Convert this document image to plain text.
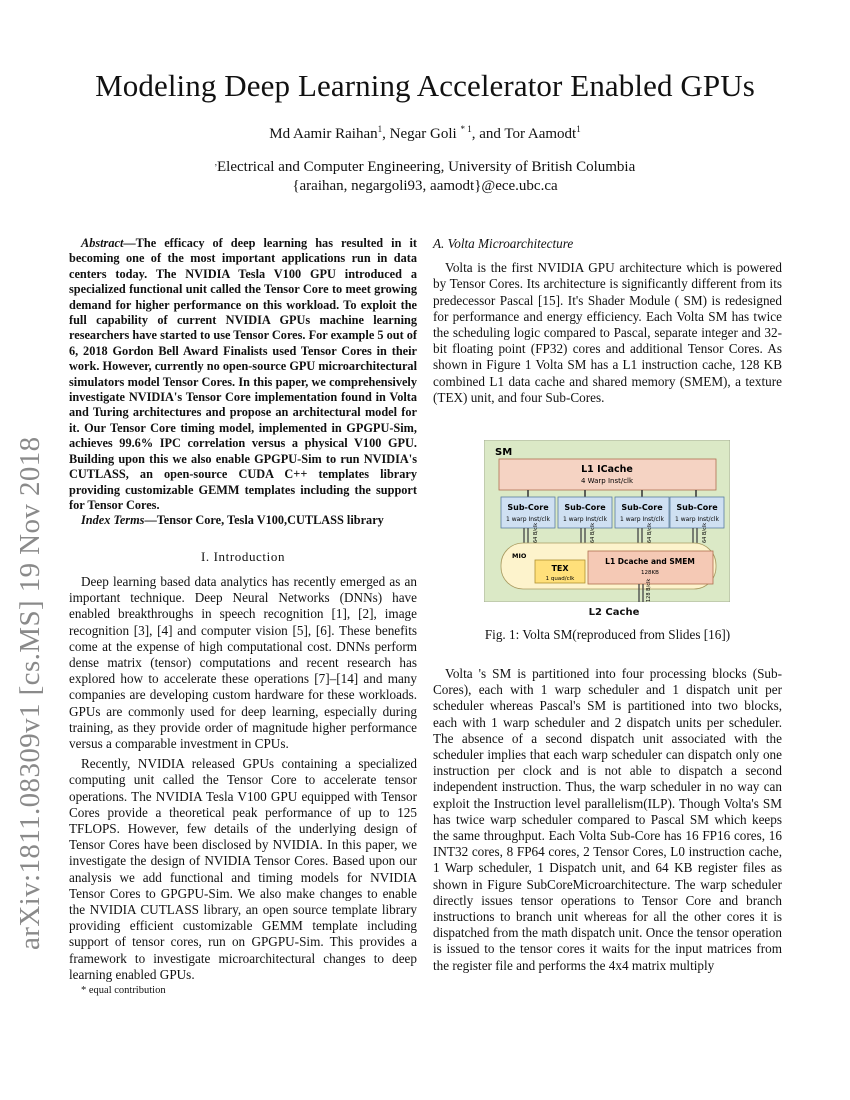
arXiv:1811.08309v1 [cs.MS] 19 Nov 2018
Modeling Deep Learning Accelerator Enabled GPUs
Md Aamir Raihan$^1$, Negar Goli $^{* 1}$, and Tor Aamodt$^1$
,Electrical and Computer Engineering, University of British Columbia
{araihan, negargoli93, aamodt}@ece.ubc.ca

Abstract—The efficacy of deep learning has resulted in it becoming one of the most important applications run in data centers today. The NVIDIA Tesla V100 GPU introduced a specialized functional unit called the Tensor Core to meet growing demand for higher performance on this workload. To exploit the full capability of current NVIDIA GPUs machine learning researchers have started to use Tensor Cores. For example 5 out of 6, 2018 Gordon Bell Award Finalists used Tensor Cores in their work. However, currently no open-source GPU microarchitectural simulators model Tensor Cores. In this paper, we comprehensively investigate NVIDIA's Tensor Core implementation found in Volta and Turing architectures and propose an architectural model for it. Our Tensor Core timing model, implemented in GPGPU-Sim, achieves 99.6% IPC correlation versus a physical V100 GPU. Building upon this we also enable GPGPU-Sim to run NVIDIA's CUTLASS, an open-source CUDA C++ templates library providing customizable GEMM templates including the support for Tensor Cores.

Index Terms—Tensor Core, Tesla V100,CUTLASS library

I. Introduction

Deep learning based data analytics has recently emerged as an important technique. Deep Neural Networks (DNNs) have enabled breakthroughs in speech recognition [1], [2], image recognition [3], [4] and computer vision [5], [6]. These benefits come at the expense of high computational cost. DNNs perform dense matrix (tensor) computations and recent research has explored how to accelerate these operations [7]–[14] and many companies are developing custom hardware for these workloads. GPUs are commonly used for deep learning, especially during training, as they provide order of magnitude higher performance versus a comparable investment in CPUs.

Recently, NVIDIA released GPUs containing a specialized computing unit called the Tensor Core to accelerate tensor operations. The NVIDIA Tesla V100 GPU equipped with Tensor Cores provide a theoretical peak performance of up to 125 TFLOPS. However, few details of the underlying design of Tensor Cores have been disclosed by NVIDIA. In this paper, we investigate the design of NVIDIA Tensor Cores. Based upon our analysis we add functional and timing models for NVIDIA Tensor Cores to GPGPU-Sim. We also make changes to enable the NVIDIA CUTLASS library, an open source template library providing efficient customizable GEMM template including support of tensor cores, run on GPGPU-Sim. This provides a framework to investigate microarchitectural changes to deep learning enabled GPUs.

* equal contribution
A. Volta Microarchitecture

Volta is the first NVIDIA GPU architecture which is powered by Tensor Cores. Its architecture is significantly different from its predecessor Pascal [15]. It's Shader Module ( SM) is redesigned for performance and energy efficiency. Each Volta SM has twice the scheduling logic compared to Pascal, separate integer and 32-bit floating point (FP32) cores and additional Tensor Cores. As shown in Figure 1 Volta SM has a L1 instruction cache, 128 KB combined L1 data cache and shared memory (SMEM), a texture (TEX) unit, and four Sub-Cores.

SM
L1 ICache
4 Warp Inst/clk
Sub-Core
1 warp Inst/clk
Sub-Core
1 warp Inst/clk
Sub-Core
1 warp Inst/clk
Sub-Core
1 warp Inst/clk
64 B/clk	64 B/clk	64 B/clk	64 B/clk
MIO
TEX
1 quad/clk
L1 Dcache and SMEM
128KB
128 B/clk
L2 Cache
Fig. 1: Volta SM(reproduced from Slides [16])

Volta 's SM is partitioned into four processing blocks (Sub-Cores), each with 1 warp scheduler and 1 dispatch unit per scheduler whereas Pascal's SM is partitioned into two blocks, each with 1 warp scheduler and 2 dispatch units per scheduler. The absence of a second dispatch unit associated with the scheduler implies that each warp scheduler can dispatch only one instruction per clock and is not able to dispatch a second independent instruction. Thus, the warp scheduler in no way can exploit the Instruction level parallelism(ILP). Though Volta's SM has twice warp scheduler compared to Pascal SM which keeps the same throughput. Each Volta Sub-Core has 16 FP16 cores, 16 INT32 cores, 8 FP64 cores, 2 Tensor Cores, L0 instruction cache, 1 Warp scheduler, 1 Dispatch unit, and 64 KB register files as shown in Figure SubCoreMicroarchitecture. The warp scheduler directly issues tensor operations to Tensor Core and branch instructions to branch unit whereas for all the other cores it is dispatched from the math dispatch unit. Once the tensor operation is issued to the tensor cores it waits for the input matrices from the register file and performs the 4x4 matrix multiply
